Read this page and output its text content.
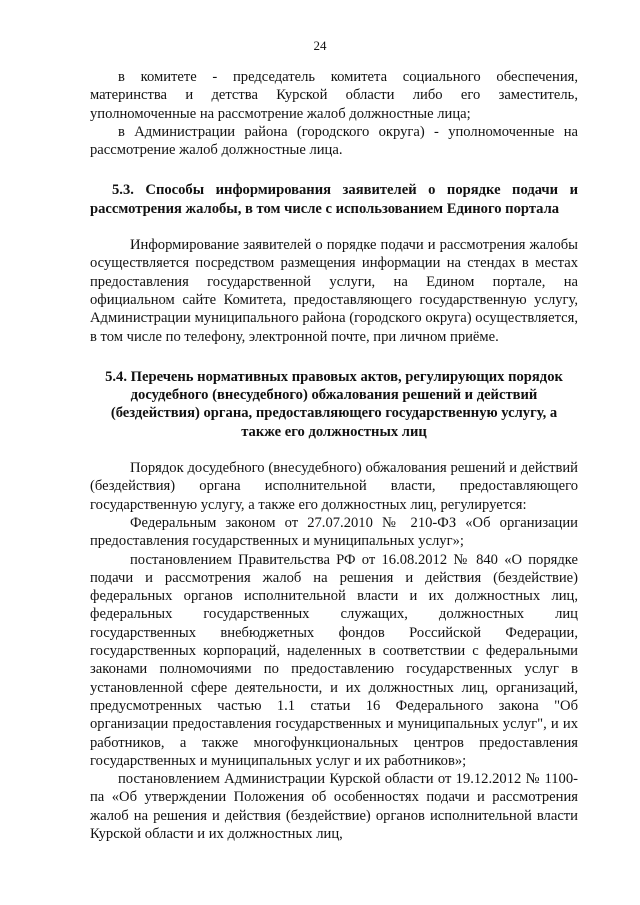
24

в комитете - председатель комитета социального обеспечения, материнства и детства Курской области либо его заместитель, уполномоченные на рассмотрение жалоб должностные лица;

в Администрации района (городского округа) - уполномоченные на рассмотрение жалоб должностные лица.

5.3. Способы информирования заявителей о порядке подачи и рассмотрения жалобы, в том числе с использованием Единого портала

Информирование заявителей о порядке подачи и рассмотрения жалобы осуществляется посредством размещения информации на стендах в местах предоставления государственной услуги, на Едином портале, на официальном сайте Комитета, предоставляющего государственную услугу, Администрации муниципального района (городского округа) осуществляется, в том числе по телефону, электронной почте, при личном приёме.

5.4. Перечень нормативных правовых актов, регулирующих порядок досудебного (внесудебного) обжалования решений и действий (бездействия) органа, предоставляющего государственную услугу, а также его должностных лиц

Порядок досудебного (внесудебного) обжалования решений и действий (бездействия) органа исполнительной власти, предоставляющего государственную услугу, а также его должностных лиц, регулируется:

Федеральным законом от 27.07.2010 № 210-ФЗ «Об организации предоставления государственных и муниципальных услуг»;

постановлением Правительства РФ от 16.08.2012 № 840 «О порядке подачи и рассмотрения жалоб на решения и действия (бездействие) федеральных органов исполнительной власти и их должностных лиц, федеральных государственных служащих, должностных лиц государственных внебюджетных фондов Российской Федерации, государственных корпораций, наделенных в соответствии с федеральными законами полномочиями по предоставлению государственных услуг в установленной сфере деятельности, и их должностных лиц, организаций, предусмотренных частью 1.1 статьи 16 Федерального закона "Об организации предоставления государственных и муниципальных услуг", и их работников, а также многофункциональных центров предоставления государственных и муниципальных услуг и их работников»;

постановлением Администрации Курской области от 19.12.2012 № 1100-па «Об утверждении Положения об особенностях подачи и рассмотрения жалоб на решения и действия (бездействие) органов исполнительной власти Курской области и их должностных лиц,
